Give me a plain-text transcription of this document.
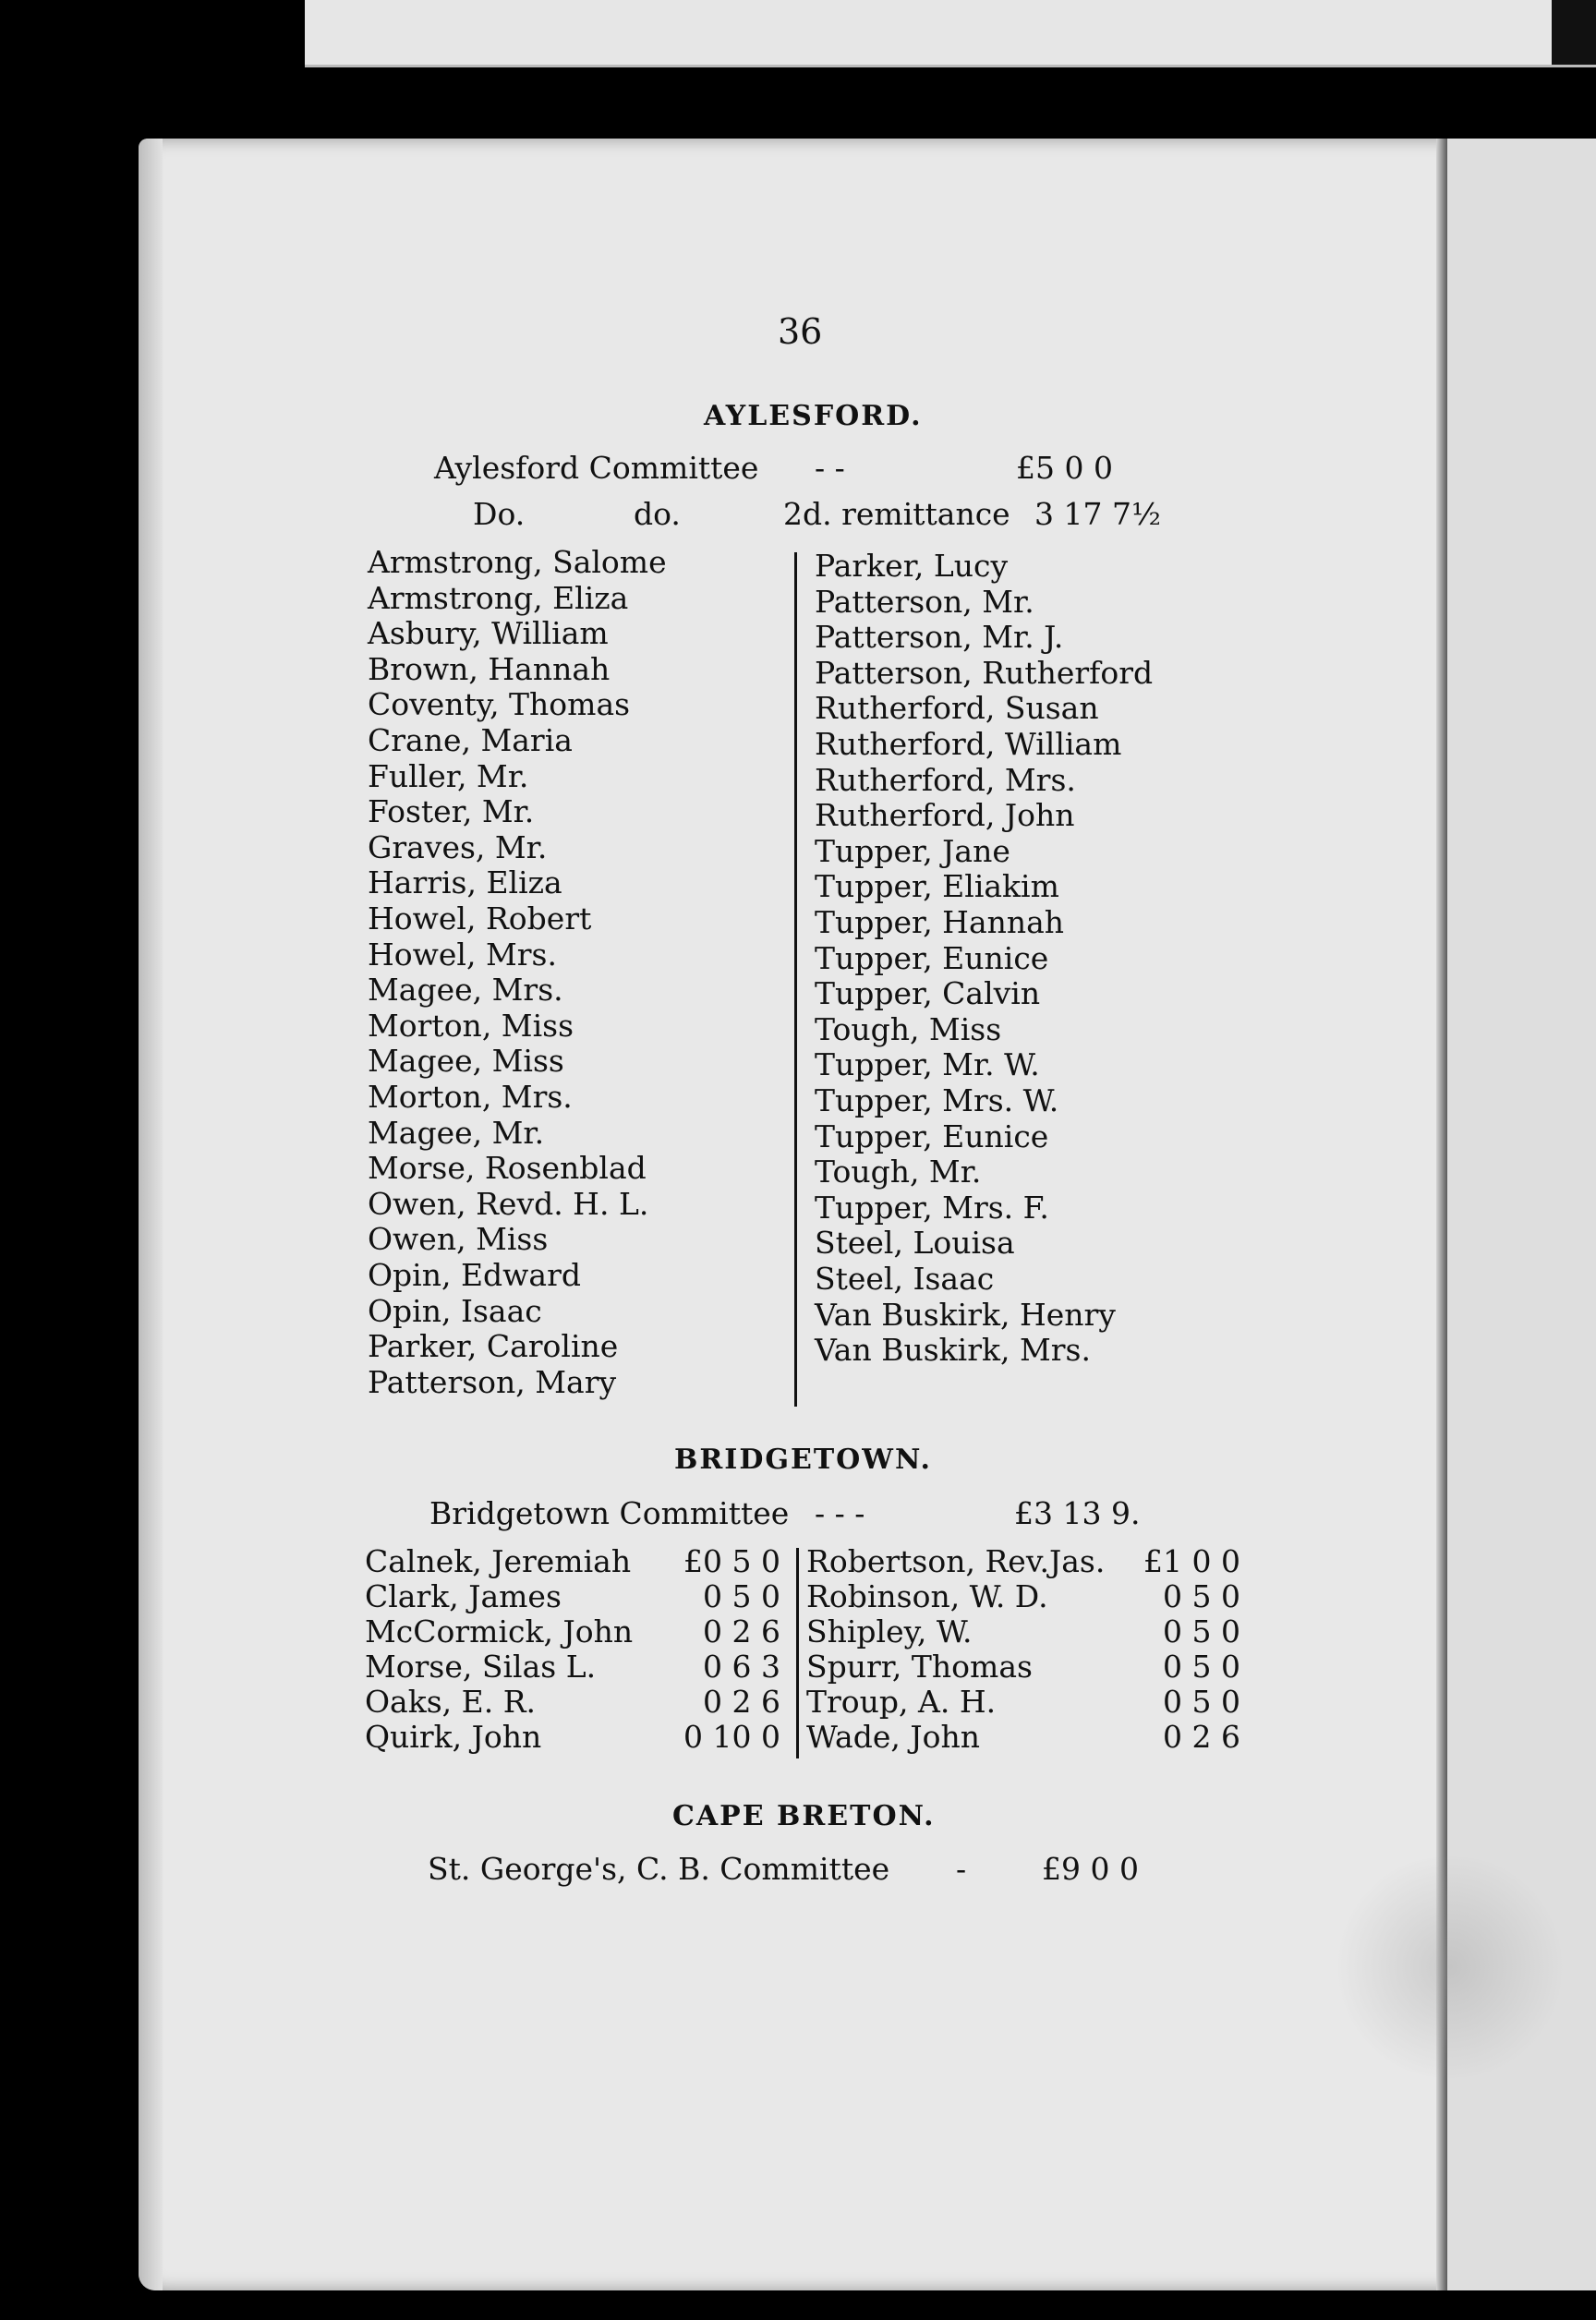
36
AYLESFORD.
Aylesford Committee - -	£5 0 0
Do.	do.	2d. remittance 3 17 7½
Armstrong, Salome
Armstrong, Eliza
Asbury, William
Brown, Hannah
Coventy, Thomas
Crane, Maria
Fuller, Mr.
Foster, Mr.
Graves, Mr.
Harris, Eliza
Howel, Robert
Howel, Mrs.
Magee, Mrs.
Morton, Miss
Magee, Miss
Morton, Mrs.
Magee, Mr.
Morse, Rosenblad
Owen, Revd. H. L.
Owen, Miss
Opin, Edward
Opin, Isaac
Parker, Caroline
Patterson, Mary
Parker, Lucy
Patterson, Mr.
Patterson, Mr. J.
Patterson, Rutherford
Rutherford, Susan
Rutherford, William
Rutherford, Mrs.
Rutherford, John
Tupper, Jane
Tupper, Eliakim
Tupper, Hannah
Tupper, Eunice
Tupper, Calvin
Tough, Miss
Tupper, Mr. W.
Tupper, Mrs. W.
Tupper, Eunice
Tough, Mr.
Tupper, Mrs. F.
Steel, Louisa
Steel, Isaac
Van Buskirk, Henry
Van Buskirk, Mrs.
BRIDGETOWN.
Bridgetown Committee - - -	£3 13 9.
Calnek, Jeremiah	£0 5 0
Clark, James	0 5 0
McCormick, John	0 2 6
Morse, Silas L.	0 6 3
Oaks, E. R.	0 2 6
Quirk, John	0 10 0
Robertson, Rev.Jas.	£1 0 0
Robinson, W. D.	0 5 0
Shipley, W.	0 5 0
Spurr, Thomas	0 5 0
Troup, A. H.	0 5 0
Wade, John	0 2 6
CAPE BRETON.
St. George's, C. B. Committee - £9 0 0
